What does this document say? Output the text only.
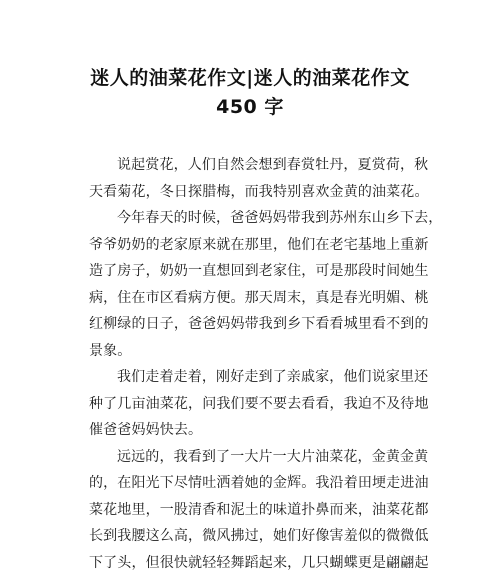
迷人的油菜花作文|迷人的油菜花作文
450 字
说起赏花，人们自然会想到春赏牡丹，夏赏荷，秋
天看菊花，冬日探腊梅，而我特别喜欢金黄的油菜花。
今年春天的时候，爸爸妈妈带我到苏州东山乡下去，
爷爷奶奶的老家原来就在那里，他们在老宅基地上重新
造了房子，奶奶一直想回到老家住，可是那段时间她生
病，住在市区看病方便。那天周末，真是春光明媚、桃
红柳绿的日子，爸爸妈妈带我到乡下看看城里看不到的
景象。
我们走着走着，刚好走到了亲戚家，他们说家里还
种了几亩油菜花，问我们要不要去看看，我迫不及待地
催爸爸妈妈快去。
远远的，我看到了一大片一大片油菜花，金黄金黄
的，在阳光下尽情吐洒着她的金辉。我沿着田埂走进油
菜花地里，一股清香和泥土的味道扑鼻而来，油菜花都
长到我腰这么高，微风拂过，她们好像害羞似的微微低
下了头，但很快就轻轻舞蹈起来，几只蝴蝶更是翩翩起
